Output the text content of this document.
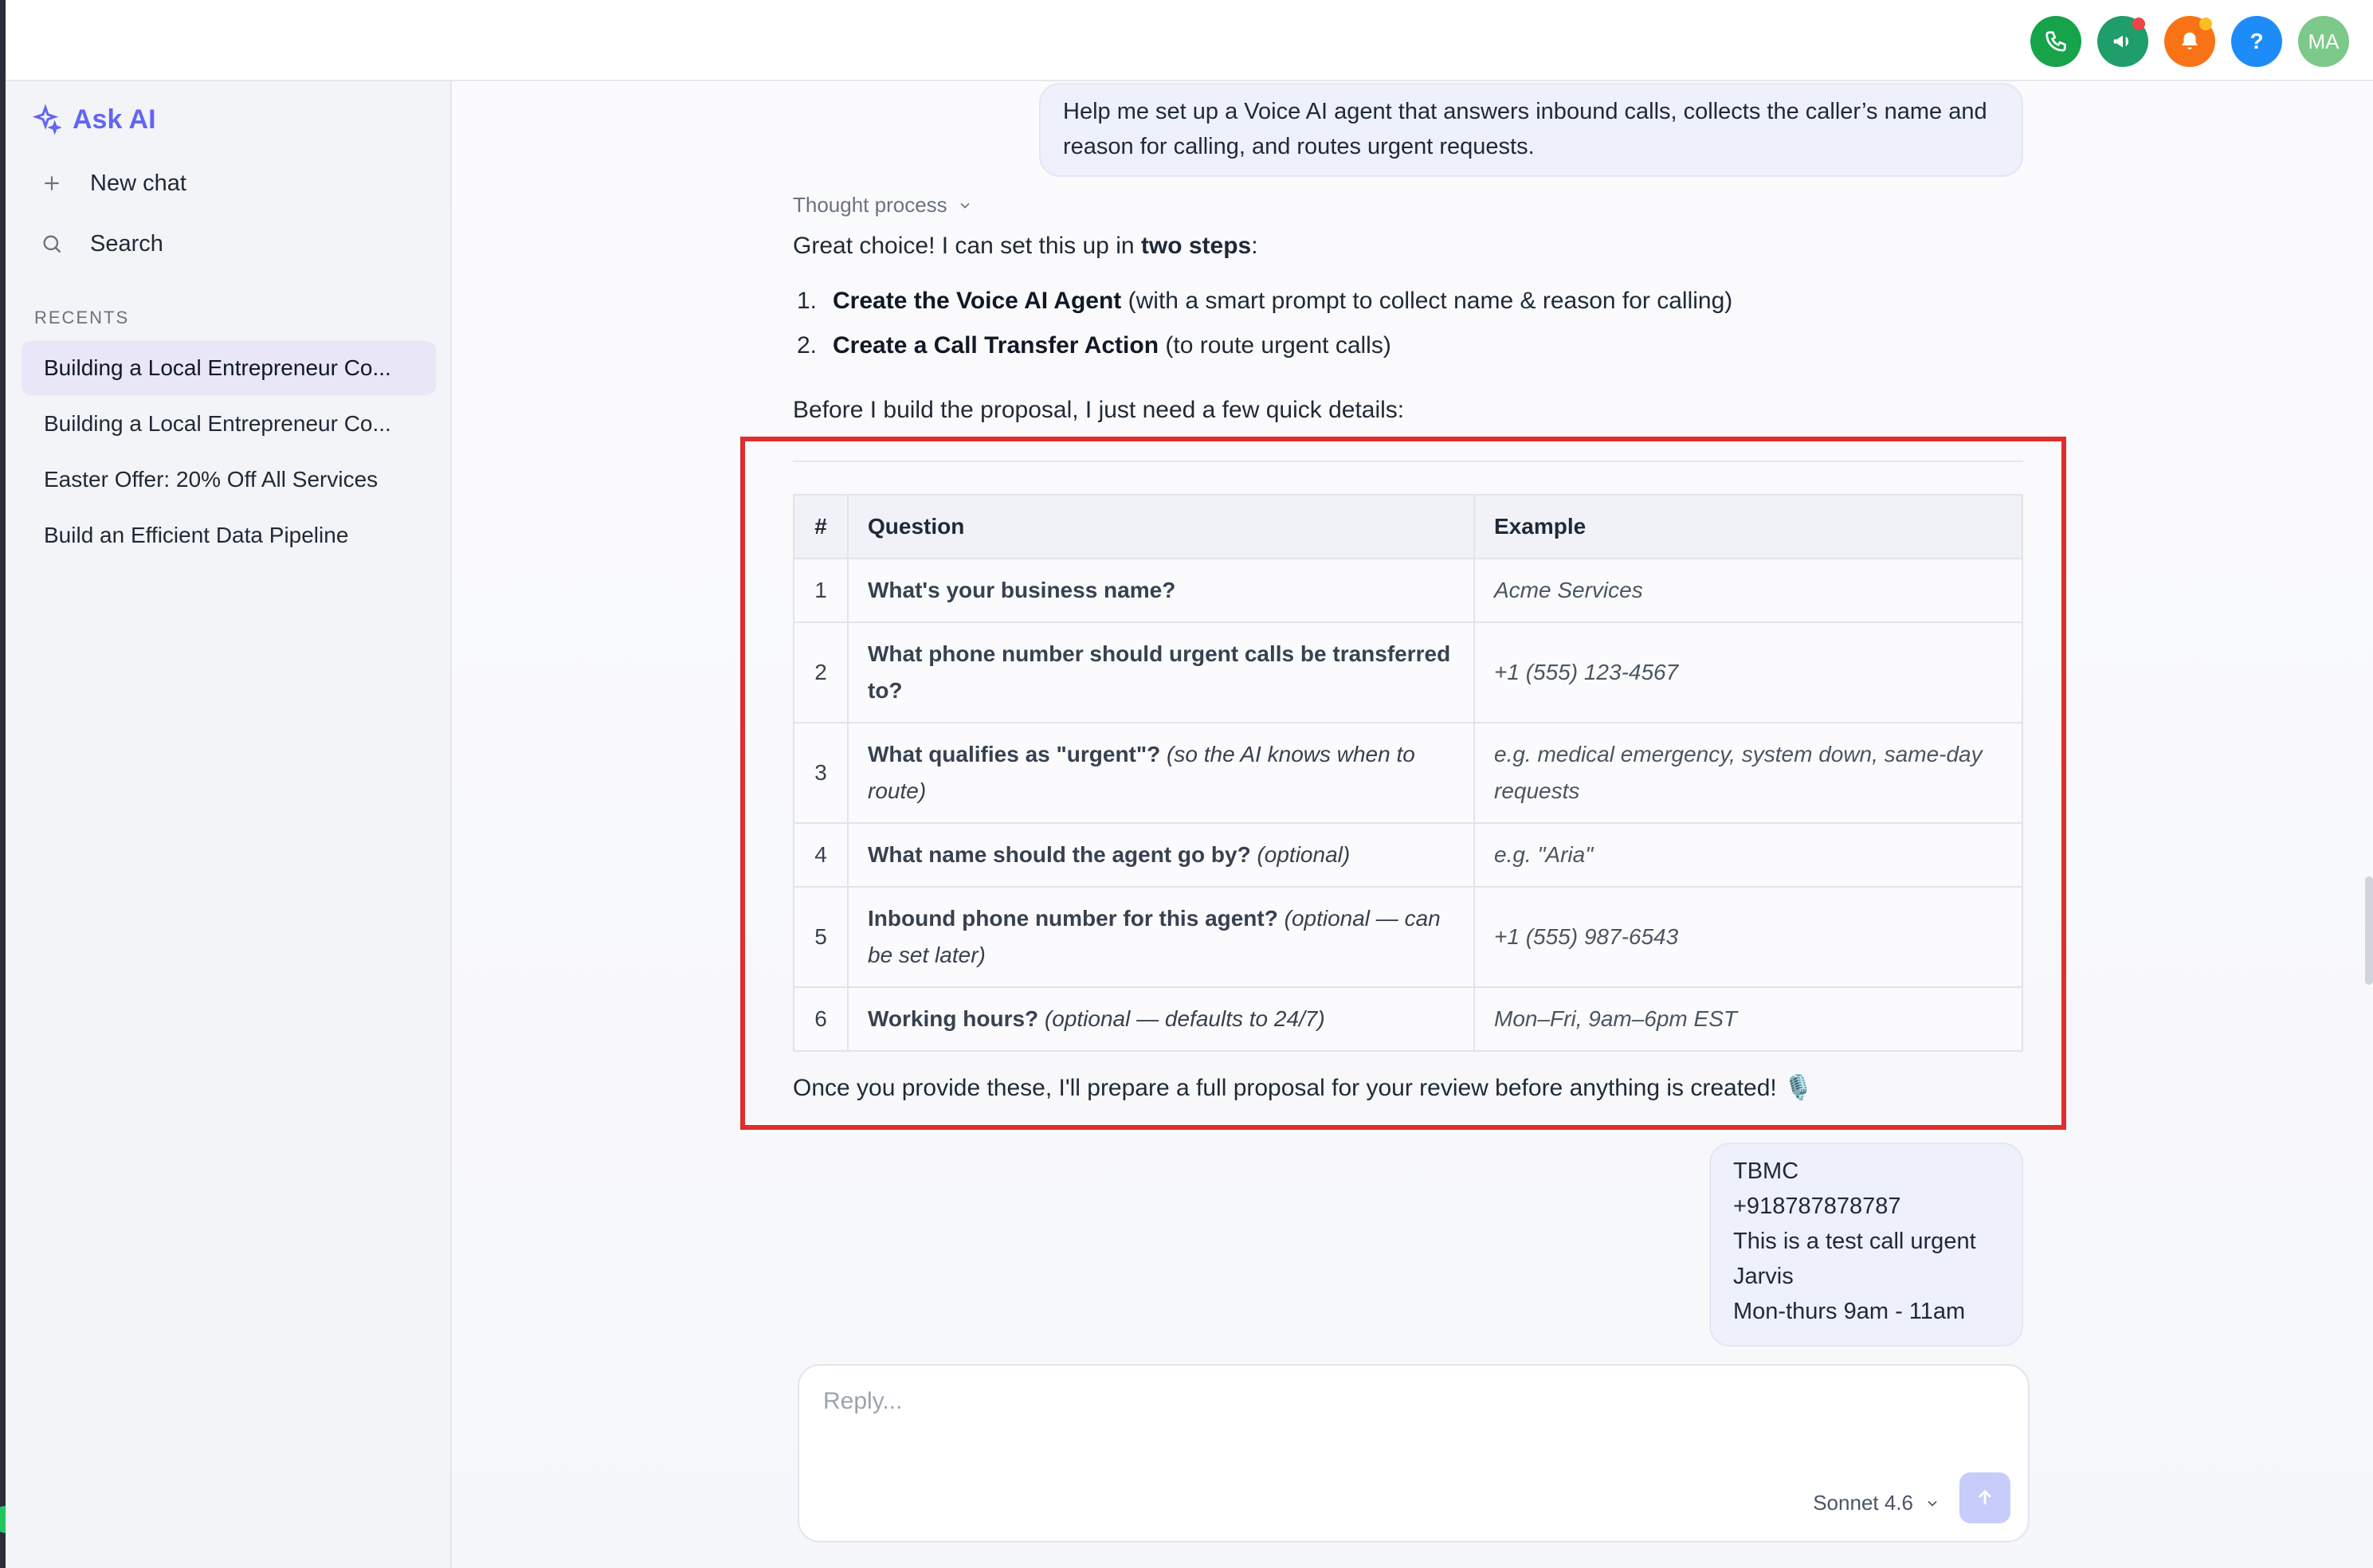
?	MA
Ask AI
New chat
Search
RECENTS
Building a Local Entrepreneur Co...
Building a Local Entrepreneur Co...
Easter Offer: 20% Off All Services
Build an Efficient Data Pipeline
Help me set up a Voice AI agent that answers inbound calls, collects the caller’s name and reason for calling, and routes urgent requests.
Thought process
Great choice! I can set this up in two steps:
1. Create the Voice AI Agent (with a smart prompt to collect name & reason for calling)
2. Create a Call Transfer Action (to route urgent calls)
Before I build the proposal, I just need a few quick details:
#	Question	Example
1	What's your business name?	Acme Services
2	What phone number should urgent calls be transferred to?	+1 (555) 123-4567
3	What qualifies as "urgent"? (so the AI knows when to route)	e.g. medical emergency, system down, same-day requests
4	What name should the agent go by? (optional)	e.g. "Aria"
5	Inbound phone number for this agent? (optional — can be set later)	+1 (555) 987-6543
6	Working hours? (optional — defaults to 24/7)	Mon–Fri, 9am–6pm EST
Once you provide these, I'll prepare a full proposal for your review before anything is created! 🎙️
TBMC
+918787878787
This is a test call urgent
Jarvis
Mon-thurs 9am - 11am
Reply...
Sonnet 4.6
